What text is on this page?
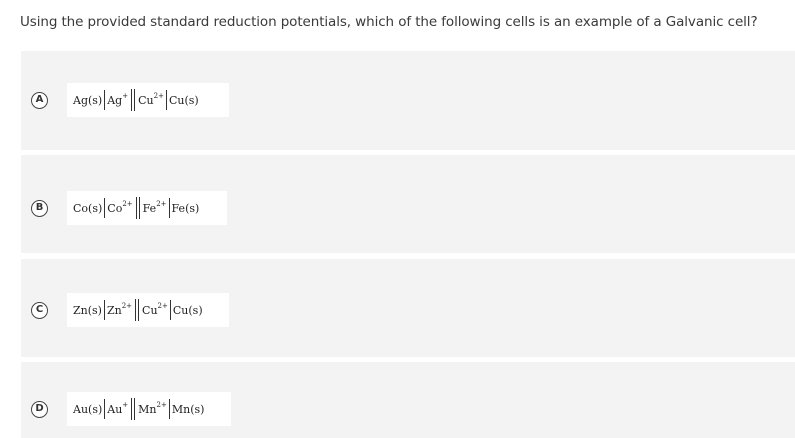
Using the provided standard reduction potentials, which of the following cells is an example of a Galvanic cell?
A	Ag(s) Ag+ $Cu^{2+}$ Cu(s)
B	Co(s) $Co^{2+}$ $Fe^{2+}$ Fe(s)
C	Zn(s) $Zn^{2+}$ $Cu^{2+}$ Cu(s)
D	Au(s) Au+ $Mn^{2+}$ Mn(s)
